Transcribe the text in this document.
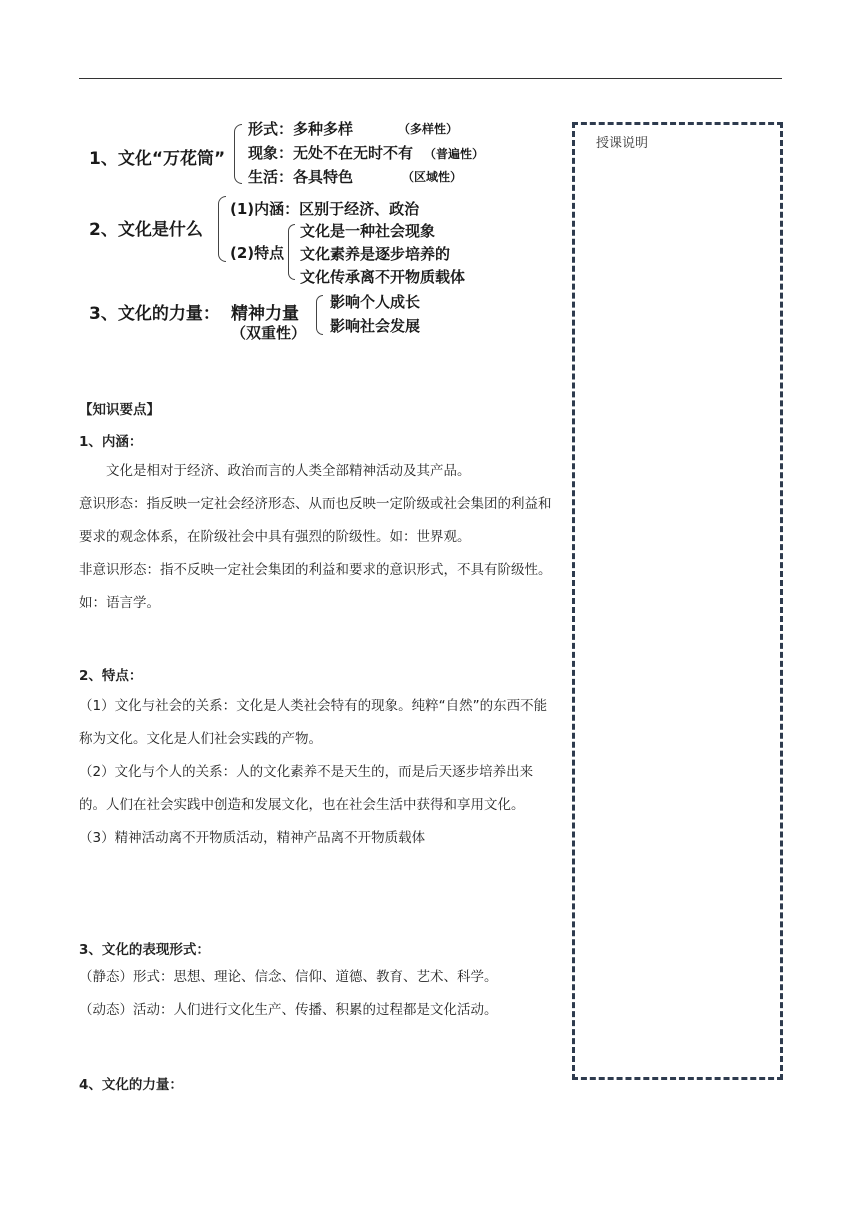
1、文化“万花筒”
形式：多种多样	（多样性）
现象：无处不在无时不有 （普遍性）
生活：各具特色	（区域性）
2、文化是什么
(1)内涵：区别于经济、政治
(2)特点
文化是一种社会现象
文化素养是逐步培养的
文化传承离不开物质载体
3、文化的力量： 精神力量
（双重性）
影响个人成长
影响社会发展
授课说明
【知识要点】
1、内涵：

文化是相对于经济、政治而言的人类全部精神活动及其产品。

意识形态：指反映一定社会经济形态、从而也反映一定阶级或社会集团的利益和要求的观念体系，在阶级社会中具有强烈的阶级性。如：世界观。

非意识形态：指不反映一定社会集团的利益和要求的意识形式，不具有阶级性。如：语言学。

2、特点：

（1）文化与社会的关系：文化是人类社会特有的现象。纯粹“自然”的东西不能称为文化。文化是人们社会实践的产物。

（2）文化与个人的关系：人的文化素养不是天生的，而是后天逐步培养出来的。人们在社会实践中创造和发展文化，也在社会生活中获得和享用文化。

（3）精神活动离不开物质活动，精神产品离不开物质载体

3、文化的表现形式：

（静态）形式：思想、理论、信念、信仰、道德、教育、艺术、科学。

（动态）活动：人们进行文化生产、传播、积累的过程都是文化活动。

4、文化的力量：
